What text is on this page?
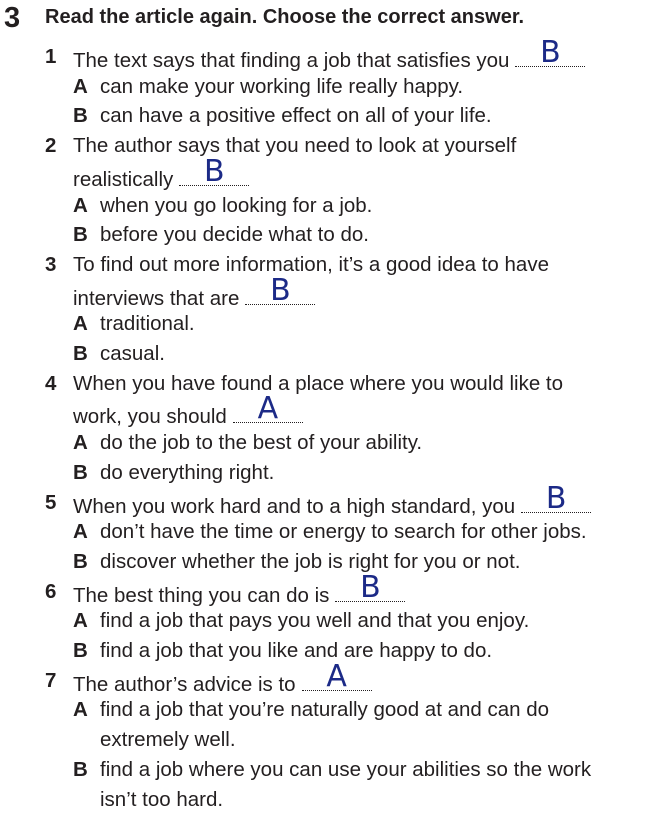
3 Read the article again. Choose the correct answer.
1 The text says that finding a job that satisfies you	B
A can make your working life really happy.
B can have a positive effect on all of your life.
2 The author says that you need to look at yourself
realistically	B
A when you go looking for a job.
B before you decide what to do.
3 To find out more information, it’s a good idea to have
interviews that are	B
A traditional.
B casual.
4 When you have found a place where you would like to
work, you should	A
A do the job to the best of your ability.
B do everything right.
5 When you work hard and to a high standard, you	B
A don’t have the time or energy to search for other jobs.
B discover whether the job is right for you or not.
6 The best thing you can do is	B
A find a job that pays you well and that you enjoy.
B find a job that you like and are happy to do.
7 The author’s advice is to	A
A find a job that you’re naturally good at and can do
extremely well.
B find a job where you can use your abilities so the work
isn’t too hard.
